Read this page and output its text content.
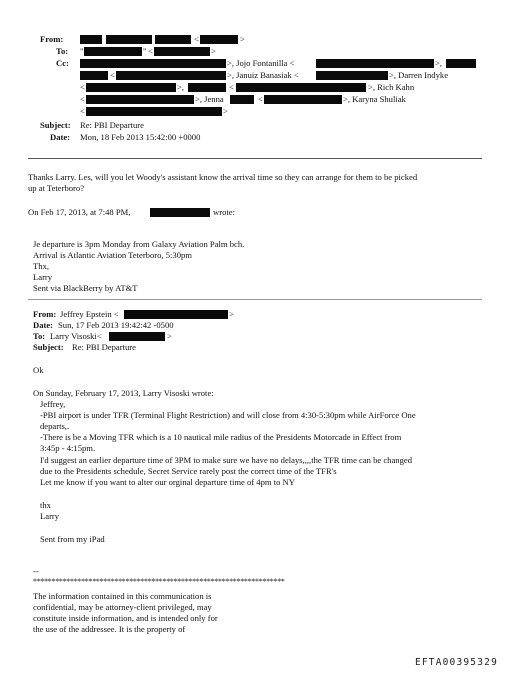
From:	<	>
To: "	" <	>
Cc:	>, Jojo Fontanilla <	>,
<	>, Januiz Banasiak <	>, Darren Indyke
<	>,	<	>, Rich Kahn
<	>, Jenna	<	>, Karyna Shuliak
<	>
Subject: Re: PBI Departure
Date: Mon, 18 Feb 2013 15:42:00 +0000
Thanks Larry. Les, will you let Woody's assistant know the arrival time so they can arrange for them to be picked
up at Teterboro?
On Feb 17, 2013, at 7:48 PM,	wrote:
Je departure is 3pm Monday from Galaxy Aviation Palm bch.
Arrival is Atlantic Aviation Teterboro, 5:30pm
Thx,
Larry
Sent via BlackBerry by AT&T
From: Jeffrey Epstein <	>
Date: Sun, 17 Feb 2013 19:42:42 -0500
To: Larry Visoski<	>
Subject: Re: PBI Departure
Ok
On Sunday, February 17, 2013, Larry Visoski wrote:
Jeffrey,
-PBI airport is under TFR (Terminal Flight Restriction) and will close from 4:30-5:30pm while AirForce One
departs,.
-There is be a Moving TFR which is a 10 nautical mile radius of the Presidents Motorcade in Effect from
3:45p - 4:15pm.
I'd suggest an earlier departure time of 3PM to make sure we have no delays,,,,the TFR time can be changed
due to the Presidents schedule, Secret Service rarely post the correct time of the TFR's
Let me know if you want to alter our orginal departure time of 4pm to NY
thx
Larry
Sent from my iPad
--
********************************************************************
The information contained in this communication is
confidential, may be attorney-client privileged, may
constitute inside information, and is intended only for
the use of the addressee. It is the property of
EFTA00395329
